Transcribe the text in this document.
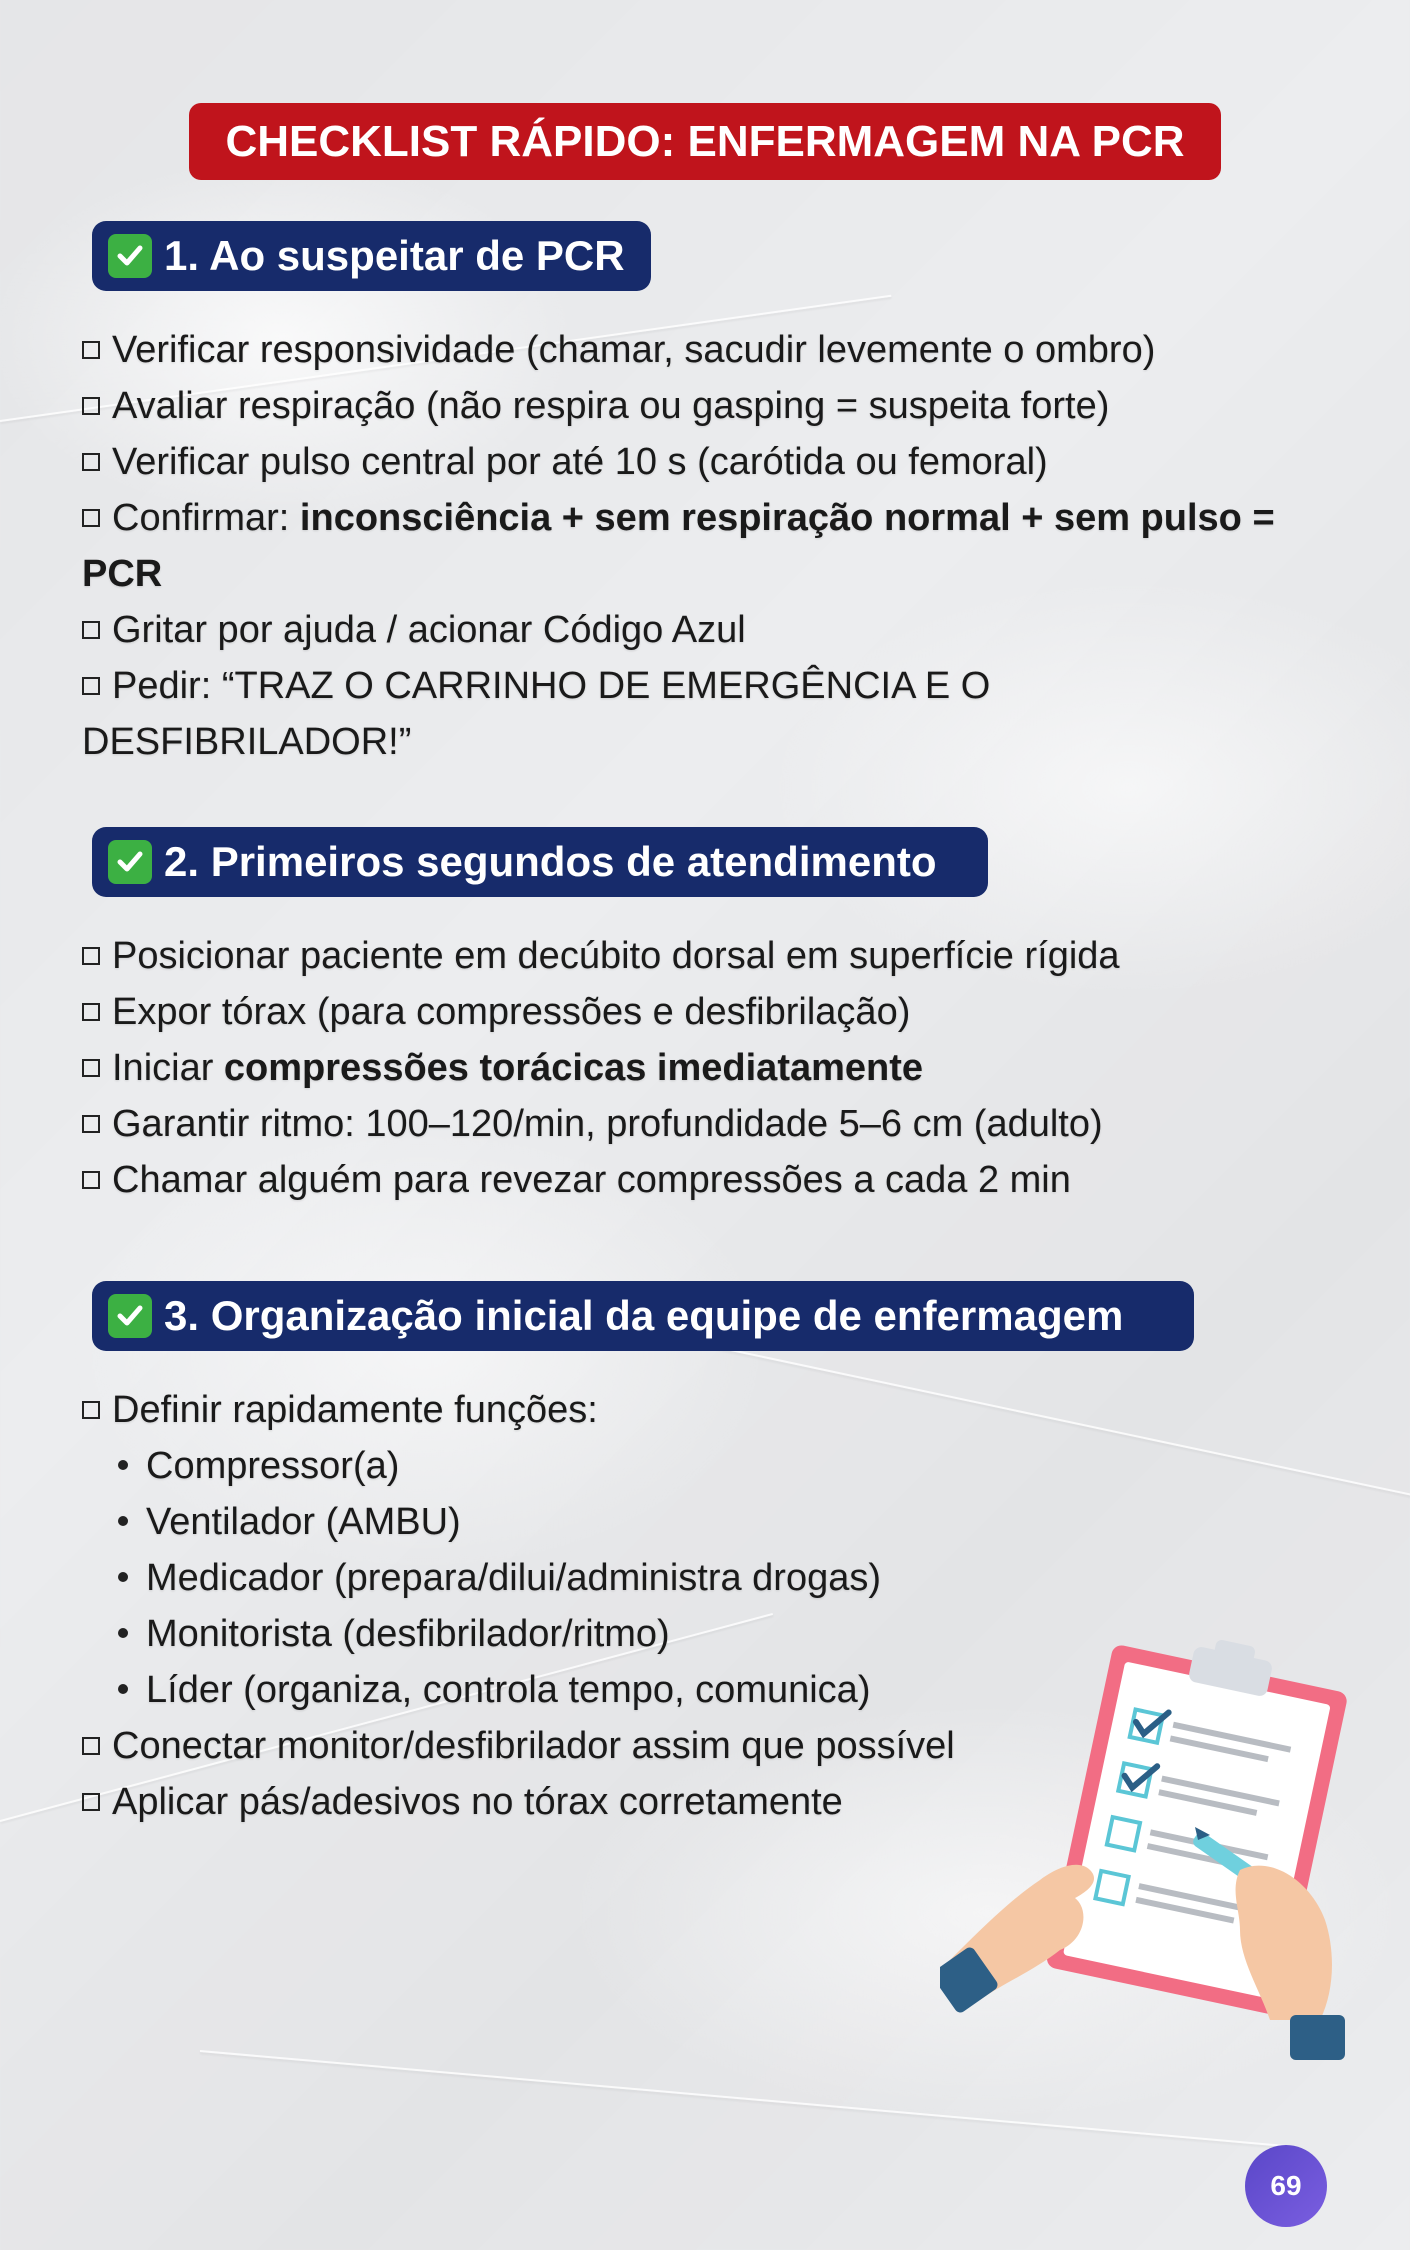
CHECKLIST RÁPIDO: ENFERMAGEM NA PCR
1. Ao suspeitar de PCR
Verificar responsividade (chamar, sacudir levemente o ombro)
Avaliar respiração (não respira ou gasping = suspeita forte)
Verificar pulso central por até 10 s (carótida ou femoral)
Confirmar: inconsciência + sem respiração normal + sem pulso = PCR
Gritar por ajuda / acionar Código Azul
Pedir: “TRAZ O CARRINHO DE EMERGÊNCIA E O DESFIBRILADOR!”
2. Primeiros segundos de atendimento
Posicionar paciente em decúbito dorsal em superfície rígida
Expor tórax (para compressões e desfibrilação)
Iniciar compressões torácicas imediatamente
Garantir ritmo: 100–120/min, profundidade 5–6 cm (adulto)
Chamar alguém para revezar compressões a cada 2 min
3. Organização inicial da equipe de enfermagem
Definir rapidamente funções:
Compressor(a)
Ventilador (AMBU)
Medicador (prepara/dilui/administra drogas)
Monitorista (desfibrilador/ritmo)
Líder (organiza, controla tempo, comunica)
Conectar monitor/desfibrilador assim que possível
Aplicar pás/adesivos no tórax corretamente
69
